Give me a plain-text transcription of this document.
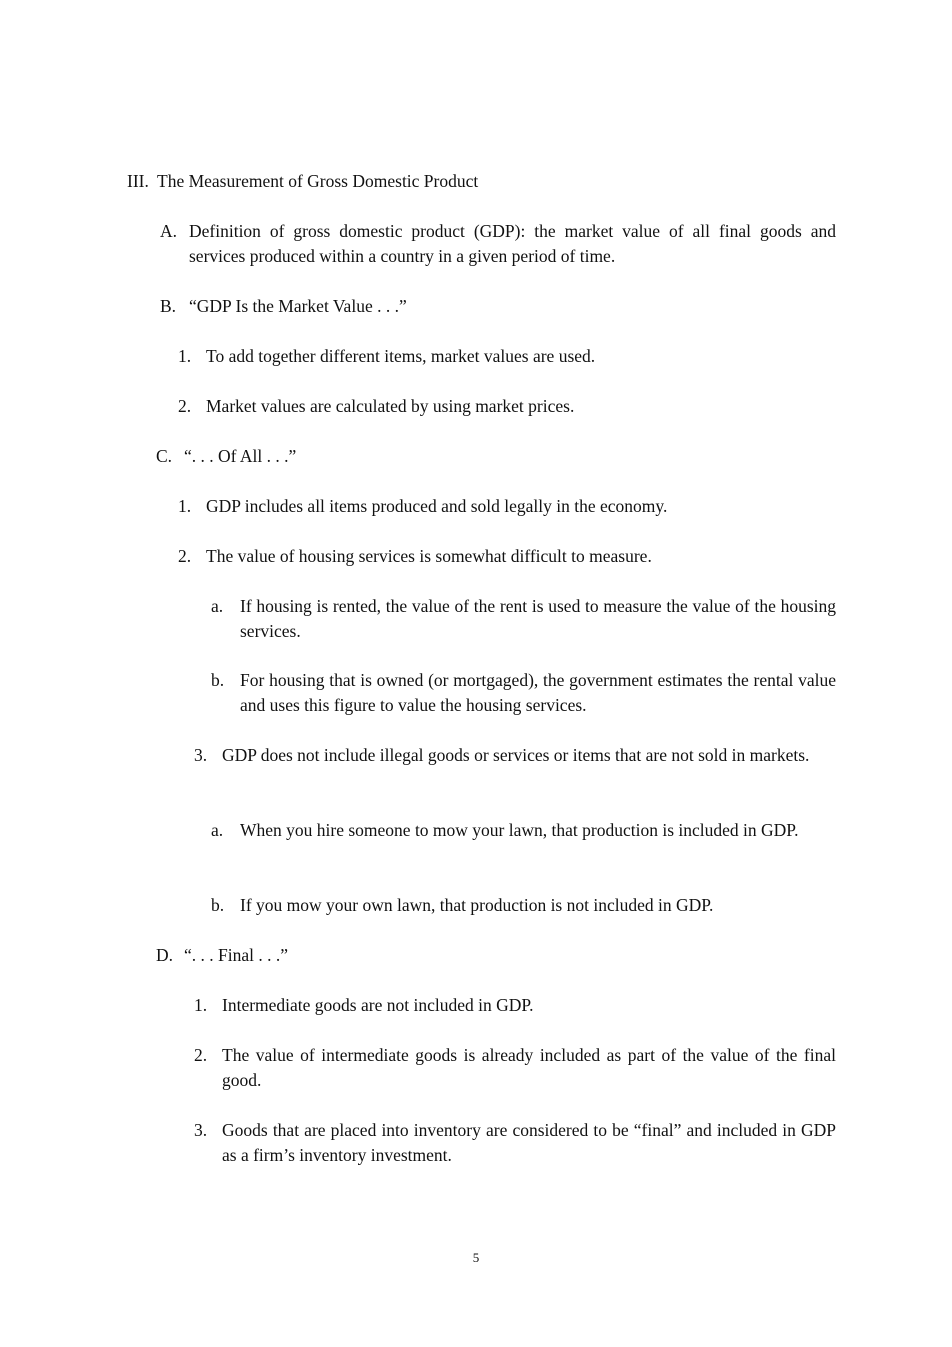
III. The Measurement of Gross Domestic Product
A. Definition of gross domestic product (GDP): the market value of all final goods and services produced within a country in a given period of time.
B. “GDP Is the Market Value . . .”
1. To add together different items, market values are used.
2. Market values are calculated by using market prices.
C. “. . . Of All . . .”
1. GDP includes all items produced and sold legally in the economy.
2. The value of housing services is somewhat difficult to measure.
a. If housing is rented, the value of the rent is used to measure the value of the housing services.
b. For housing that is owned (or mortgaged), the government estimates the rental value and uses this figure to value the housing services.
3. GDP does not include illegal goods or services or items that are not sold in markets.
a. When you hire someone to mow your lawn, that production is included in GDP.
b. If you mow your own lawn, that production is not included in GDP.
D. “. . . Final . . .”
1. Intermediate goods are not included in GDP.
2. The value of intermediate goods is already included as part of the value of the final good.
3. Goods that are placed into inventory are considered to be “final” and included in GDP as a firm’s inventory investment.
5
